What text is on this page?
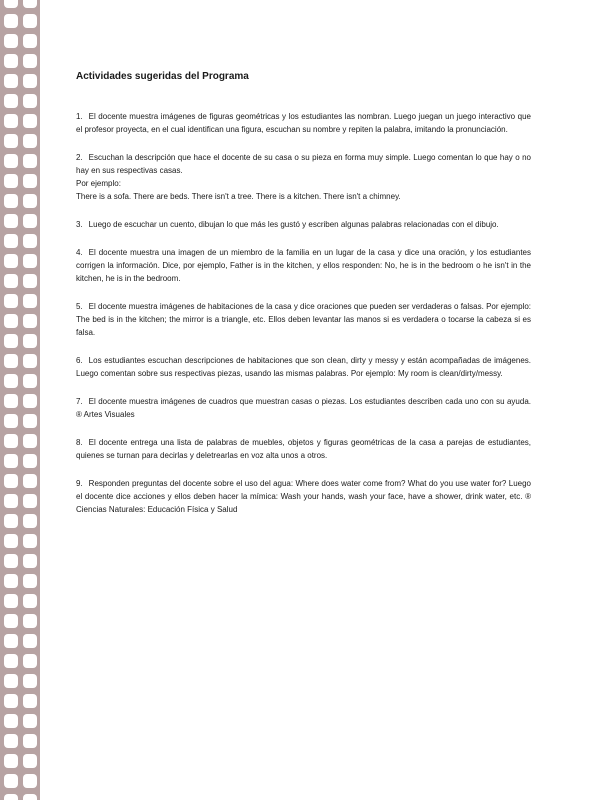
Actividades sugeridas del Programa

1. El docente muestra imágenes de figuras geométricas y los estudiantes las nombran. Luego juegan un juego interactivo que el profesor proyecta, en el cual identifican una figura, escuchan su nombre y repiten la palabra, imitando la pronunciación.

2. Escuchan la descripción que hace el docente de su casa o su pieza en forma muy simple. Luego comentan lo que hay o no hay en sus respectivas casas.

Por ejemplo:

There is a sofa. There are beds. There isn't a tree. There is a kitchen. There isn't a chimney.

3. Luego de escuchar un cuento, dibujan lo que más les gustó y escriben algunas palabras relacionadas con el dibujo.

4. El docente muestra una imagen de un miembro de la familia en un lugar de la casa y dice una oración, y los estudiantes corrigen la información. Dice, por ejemplo, Father is in the kitchen, y ellos responden: No, he is in the bedroom o he isn't in the kitchen, he is in the bedroom.

5. El docente muestra imágenes de habitaciones de la casa y dice oraciones que pueden ser verdaderas o falsas. Por ejemplo: The bed is in the kitchen; the mirror is a triangle, etc. Ellos deben levantar las manos si es verdadera o tocarse la cabeza si es falsa.

6. Los estudiantes escuchan descripciones de habitaciones que son clean, dirty y messy y están acompañadas de imágenes. Luego comentan sobre sus respectivas piezas, usando las mismas palabras. Por ejemplo: My room is clean/dirty/messy.

7. El docente muestra imágenes de cuadros que muestran casas o piezas. Los estudiantes describen cada uno con su ayuda. ® Artes Visuales

8. El docente entrega una lista de palabras de muebles, objetos y figuras geométricas de la casa a parejas de estudiantes, quienes se turnan para decirlas y deletrearlas en voz alta unos a otros.

9. Responden preguntas del docente sobre el uso del agua: Where does water come from? What do you use water for? Luego el docente dice acciones y ellos deben hacer la mímica: Wash your hands, wash your face, have a shower, drink water, etc. ® Ciencias Naturales: Educación Física y Salud
